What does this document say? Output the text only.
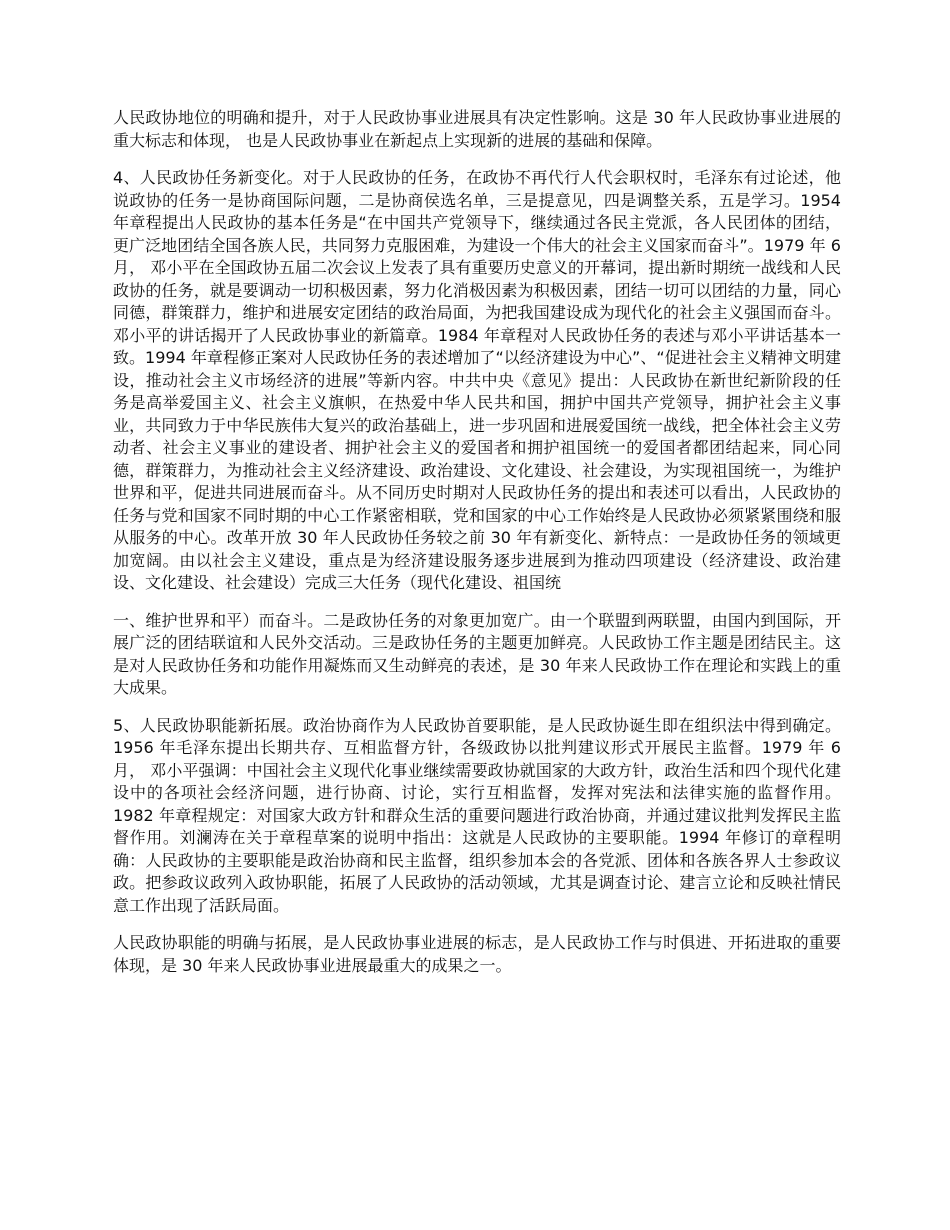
人民政协地位的明确和提升，对于人民政协事业进展具有决定性影响。这是 30 年人民政协事业进展的重大标志和体现， 也是人民政协事业在新起点上实现新的进展的基础和保障。

4、人民政协任务新变化。对于人民政协的任务，在政协不再代行人代会职权时，毛泽东有过论述，他说政协的任务一是协商国际问题，二是协商侯选名单，三是提意见，四是调整关系，五是学习。1954 年章程提出人民政协的基本任务是“在中国共产党领导下，继续通过各民主党派，各人民团体的团结，更广泛地团结全国各族人民，共同努力克服困难，为建设一个伟大的社会主义国家而奋斗”。1979 年 6 月， 邓小平在全国政协五届二次会议上发表了具有重要历史意义的开幕词，提出新时期统一战线和人民政协的任务，就是要调动一切积极因素，努力化消极因素为积极因素，团结一切可以团结的力量，同心同德，群策群力，维护和进展安定团结的政治局面，为把我国建设成为现代化的社会主义强国而奋斗。邓小平的讲话揭开了人民政协事业的新篇章。1984 年章程对人民政协任务的表述与邓小平讲话基本一致。1994 年章程修正案对人民政协任务的表述增加了“以经济建设为中心”、“促进社会主义精神文明建设，推动社会主义市场经济的进展”等新内容。中共中央《意见》提出：人民政协在新世纪新阶段的任务是高举爱国主义、社会主义旗帜，在热爱中华人民共和国，拥护中国共产党领导，拥护社会主义事业，共同致力于中华民族伟大复兴的政治基础上，进一步巩固和进展爱国统一战线，把全体社会主义劳动者、社会主义事业的建设者、拥护社会主义的爱国者和拥护祖国统一的爱国者都团结起来，同心同德，群策群力，为推动社会主义经济建设、政治建设、文化建设、社会建设，为实现祖国统一，为维护世界和平，促进共同进展而奋斗。从不同历史时期对人民政协任务的提出和表述可以看出，人民政协的任务与党和国家不同时期的中心工作紧密相联，党和国家的中心工作始终是人民政协必须紧紧围绕和服从服务的中心。改革开放 30 年人民政协任务较之前 30 年有新变化、新特点：一是政协任务的领域更加宽阔。由以社会主义建设，重点是为经济建设服务逐步进展到为推动四项建设（经济建设、政治建设、文化建设、社会建设）完成三大任务（现代化建设、祖国统

一、维护世界和平）而奋斗。二是政协任务的对象更加宽广。由一个联盟到两联盟，由国内到国际，开展广泛的团结联谊和人民外交活动。三是政协任务的主题更加鲜亮。人民政协工作主题是团结民主。这是对人民政协任务和功能作用凝炼而又生动鲜亮的表述，是 30 年来人民政协工作在理论和实践上的重大成果。

5、人民政协职能新拓展。政治协商作为人民政协首要职能，是人民政协诞生即在组织法中得到确定。1956 年毛泽东提出长期共存、互相监督方针，各级政协以批判建议形式开展民主监督。1979 年 6 月， 邓小平强调：中国社会主义现代化事业继续需要政协就国家的大政方针，政治生活和四个现代化建设中的各项社会经济问题，进行协商、讨论，实行互相监督，发挥对宪法和法律实施的监督作用。1982 年章程规定：对国家大政方针和群众生活的重要问题进行政治协商，并通过建议批判发挥民主监督作用。刘澜涛在关于章程草案的说明中指出：这就是人民政协的主要职能。1994 年修订的章程明确：人民政协的主要职能是政治协商和民主监督，组织参加本会的各党派、团体和各族各界人士参政议政。把参政议政列入政协职能，拓展了人民政协的活动领域，尤其是调查讨论、建言立论和反映社情民意工作出现了活跃局面。

人民政协职能的明确与拓展，是人民政协事业进展的标志，是人民政协工作与时俱进、开拓进取的重要体现，是 30 年来人民政协事业进展最重大的成果之一。
